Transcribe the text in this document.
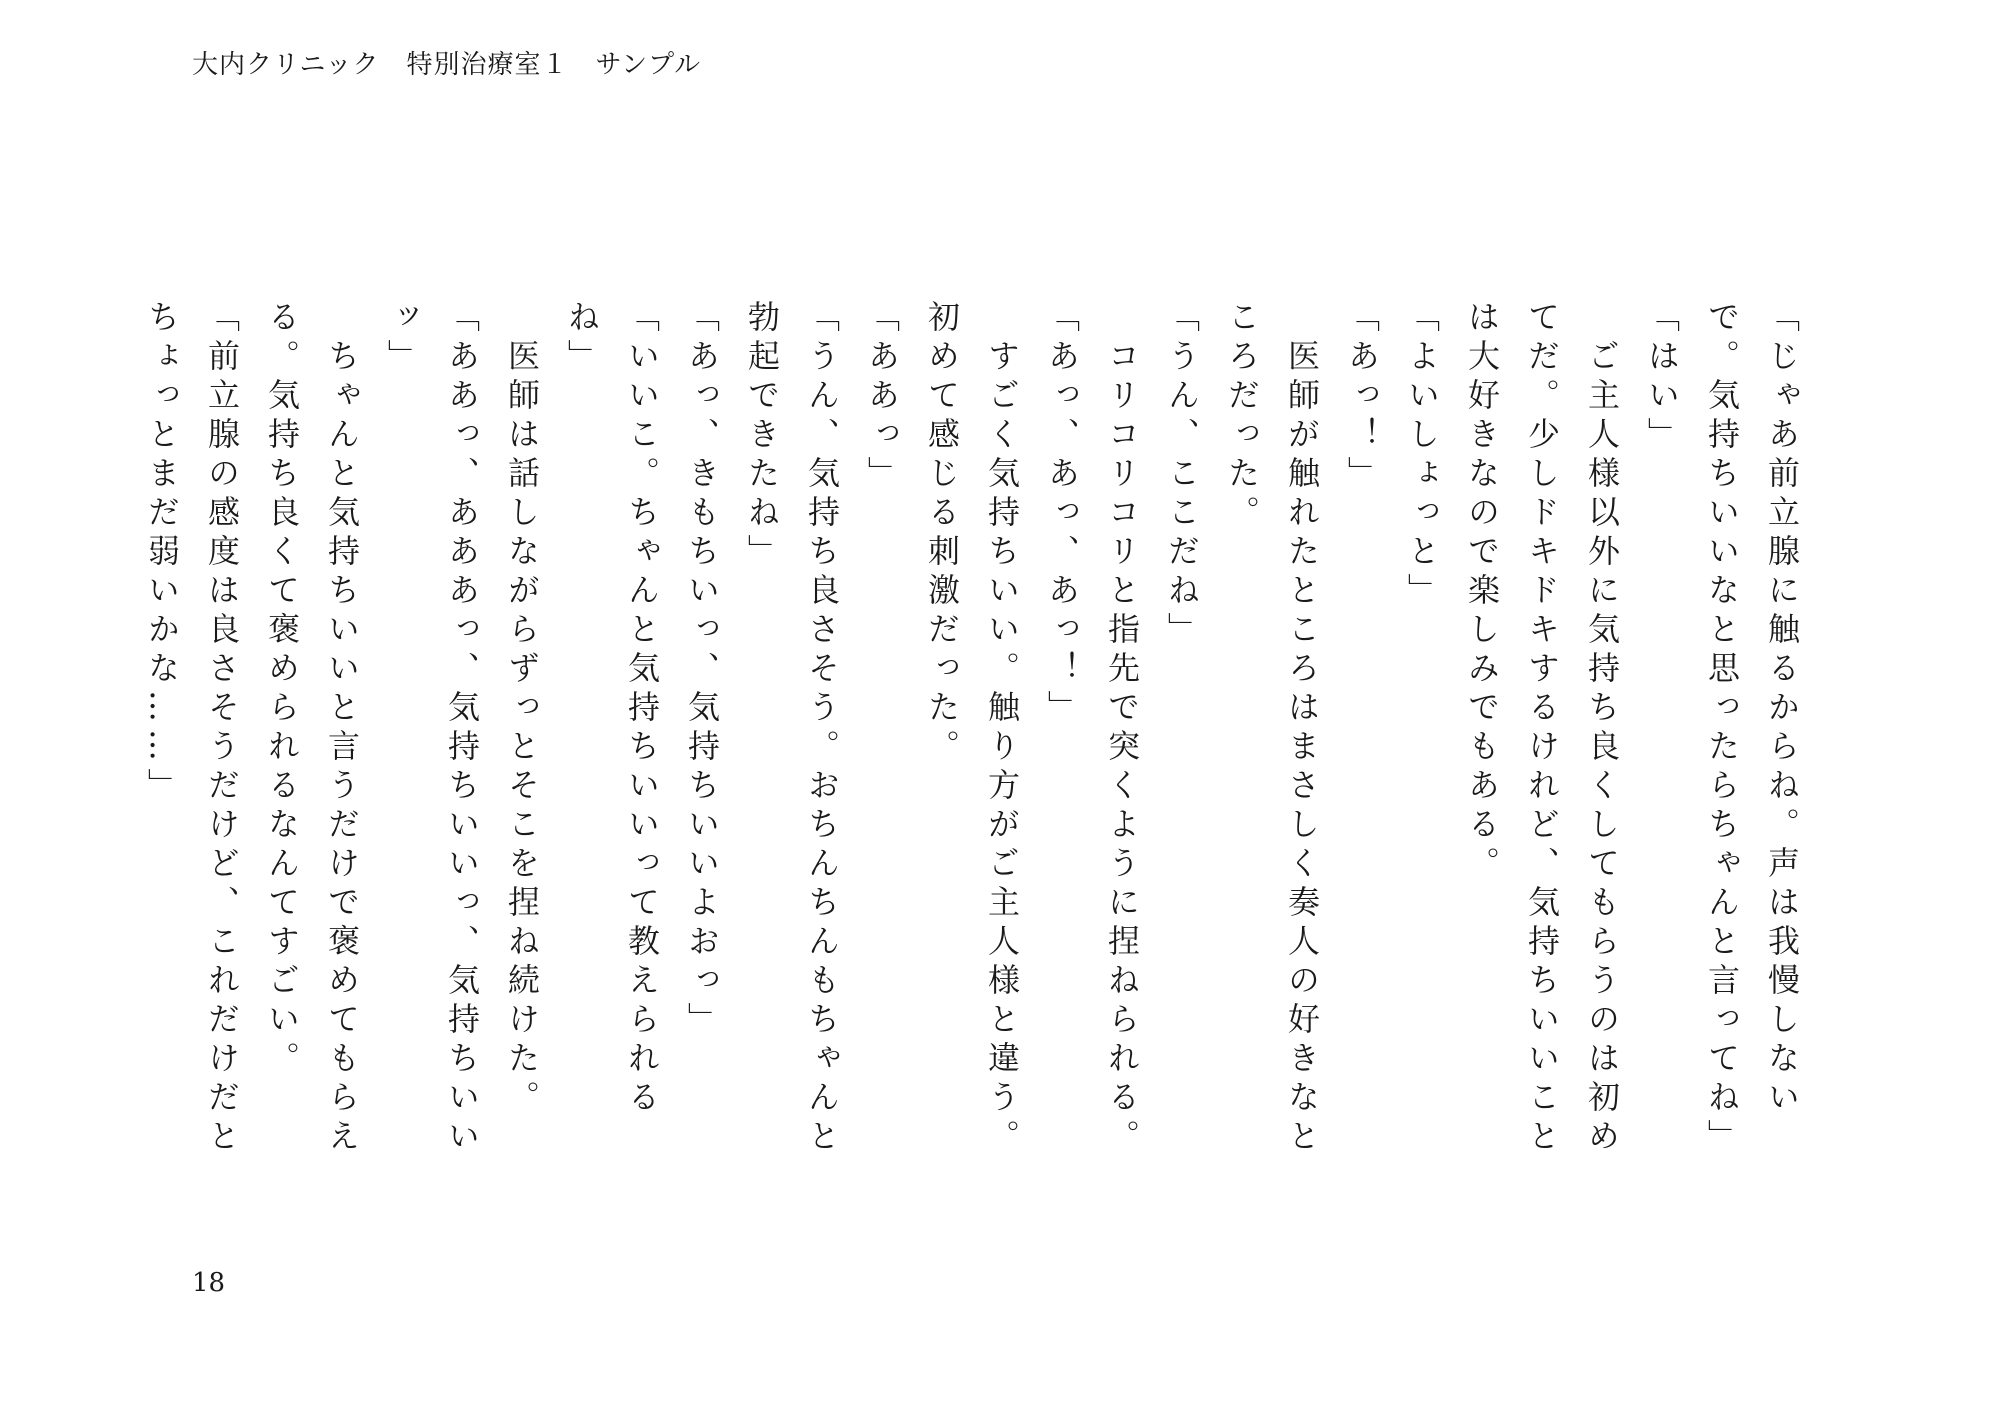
大内クリニック　特別治療室１　サンプル

「じゃあ前立腺に触るからね。声は我慢しないで。気持ちいいなと思ったらちゃんと言ってね」

「はい」

　ご主人様以外に気持ち良くしてもらうのは初めてだ。少しドキドキするけれど、気持ちいいことは大好きなので楽しみでもある。

「よいしょっと」

「あっ！」

　医師が触れたところはまさしく奏人の好きなところだった。

「うん、ここだね」

　コリコリコリと指先で突くように捏ねられる。

「あっ、あっ、あっ！」

　すごく気持ちいい。触り方がご主人様と違う。初めて感じる刺激だった。

「ああっ」

「うん、気持ち良さそう。おちんちんもちゃんと勃起できたね」

「あっ、きもちいっ、気持ちいいよおっ」

「いいこ。ちゃんと気持ちいいって教えられるね」

　医師は話しながらずっとそこを捏ね続けた。

「ああっ、あああっ、気持ちいいっ、気持ちいいッ」

　ちゃんと気持ちいいと言うだけで褒めてもらえる。気持ち良くて褒められるなんてすごい。

「前立腺の感度は良さそうだけど、これだけだとちょっとまだ弱いかな……」

18
